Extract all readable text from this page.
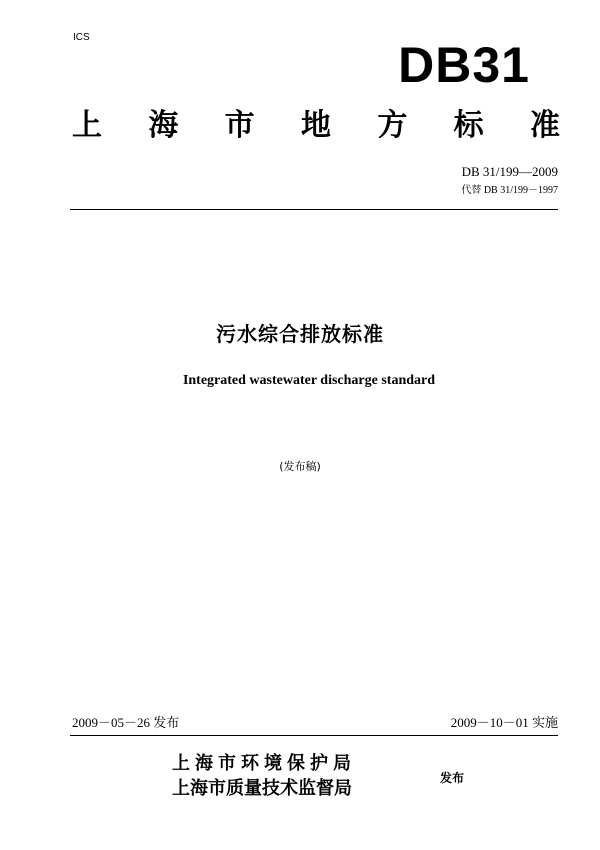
ICS	DB31
上 海 市 地 方 标 准
DB 31/199—2009
代替 DB 31/199－1997
污水综合排放标准
Integrated wastewater discharge standard
(发布稿)
2009－05－26 发布	2009－10－01 实施
上海市环境保护局
上海市质量技术监督局	发布
